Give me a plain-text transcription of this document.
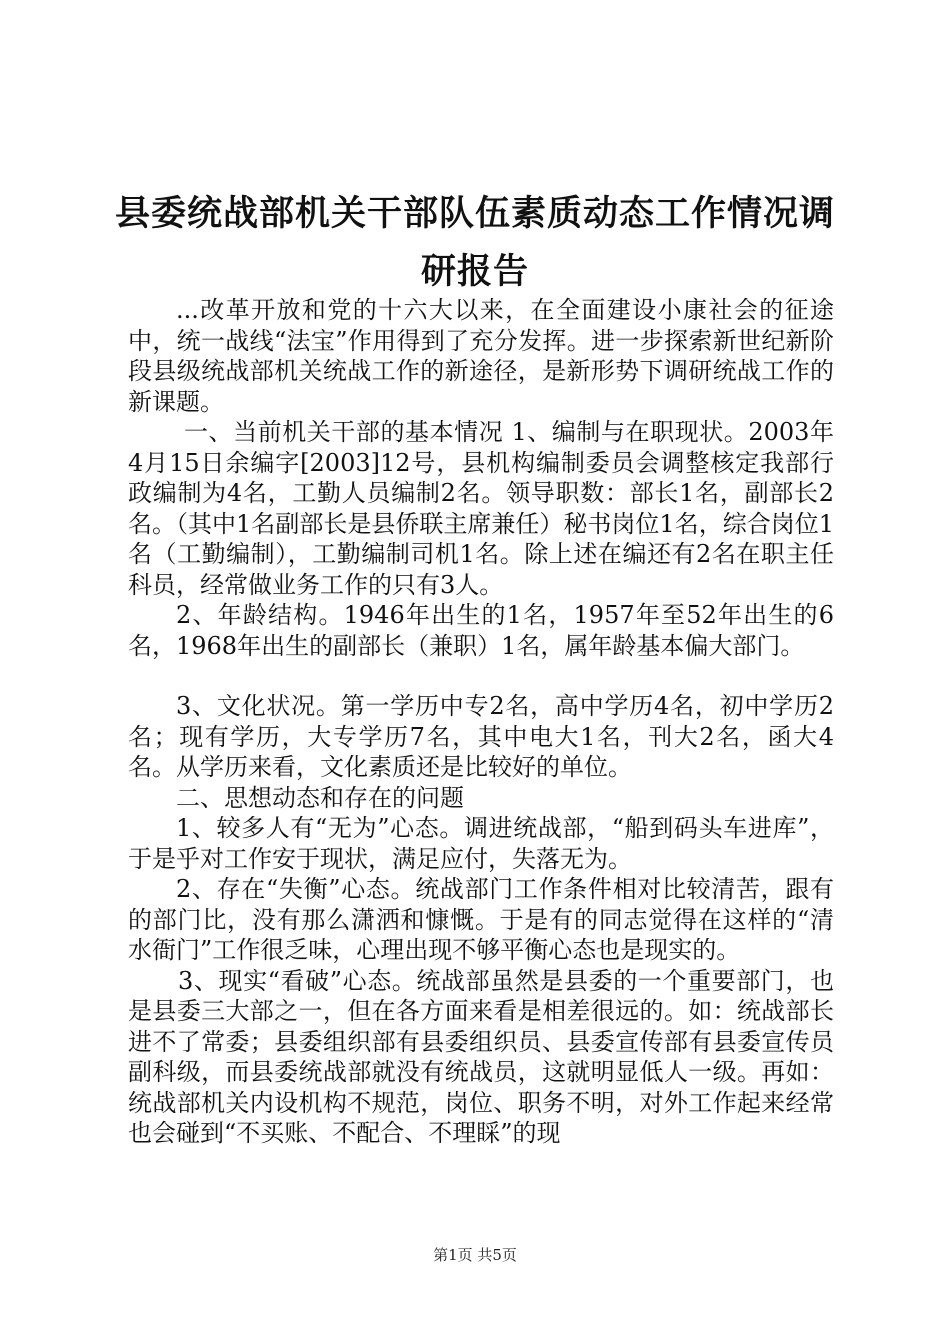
县委统战部机关干部队伍素质动态工作情况调
研报告

...改革开放和党的十六大以来，在全面建设小康社会的征途中，统一战线“法宝”作用得到了充分发挥。进一步探索新世纪新阶段县级统战部机关统战工作的新途径，是新形势下调研统战工作的新课题。

一、当前机关干部的基本情况 1、编制与在职现状。2003年4月15日余编字[2003]12号，县机构编制委员会调整核定我部行政编制为4名，工勤人员编制2名。领导职数：部长1名，副部长2名。（其中1名副部长是县侨联主席兼任）秘书岗位1名，综合岗位1名（工勤编制），工勤编制司机1名。除上述在编还有2名在职主任科员，经常做业务工作的只有3人。

2、年龄结构。1946年出生的1名，1957年至52年出生的6名，1968年出生的副部长（兼职）1名，属年龄基本偏大部门。

3、文化状况。第一学历中专2名，高中学历4名，初中学历2名；现有学历，大专学历7名，其中电大1名，刊大2名，函大4名。从学历来看，文化素质还是比较好的单位。

二、思想动态和存在的问题

1、较多人有“无为”心态。调进统战部，“船到码头车进库”，于是乎对工作安于现状，满足应付，失落无为。

2、存在“失衡”心态。统战部门工作条件相对比较清苦，跟有的部门比，没有那么潇洒和慷慨。于是有的同志觉得在这样的“清水衙门”工作很乏味，心理出现不够平衡心态也是现实的。

3、现实“看破”心态。统战部虽然是县委的一个重要部门，也是县委三大部之一，但在各方面来看是相差很远的。如：统战部长进不了常委；县委组织部有县委组织员、县委宣传部有县委宣传员副科级，而县委统战部就没有统战员，这就明显低人一级。再如：统战部机关内设机构不规范，岗位、职务不明，对外工作起来经常也会碰到“不买账、不配合、不理睬”的现

第1页 共5页
